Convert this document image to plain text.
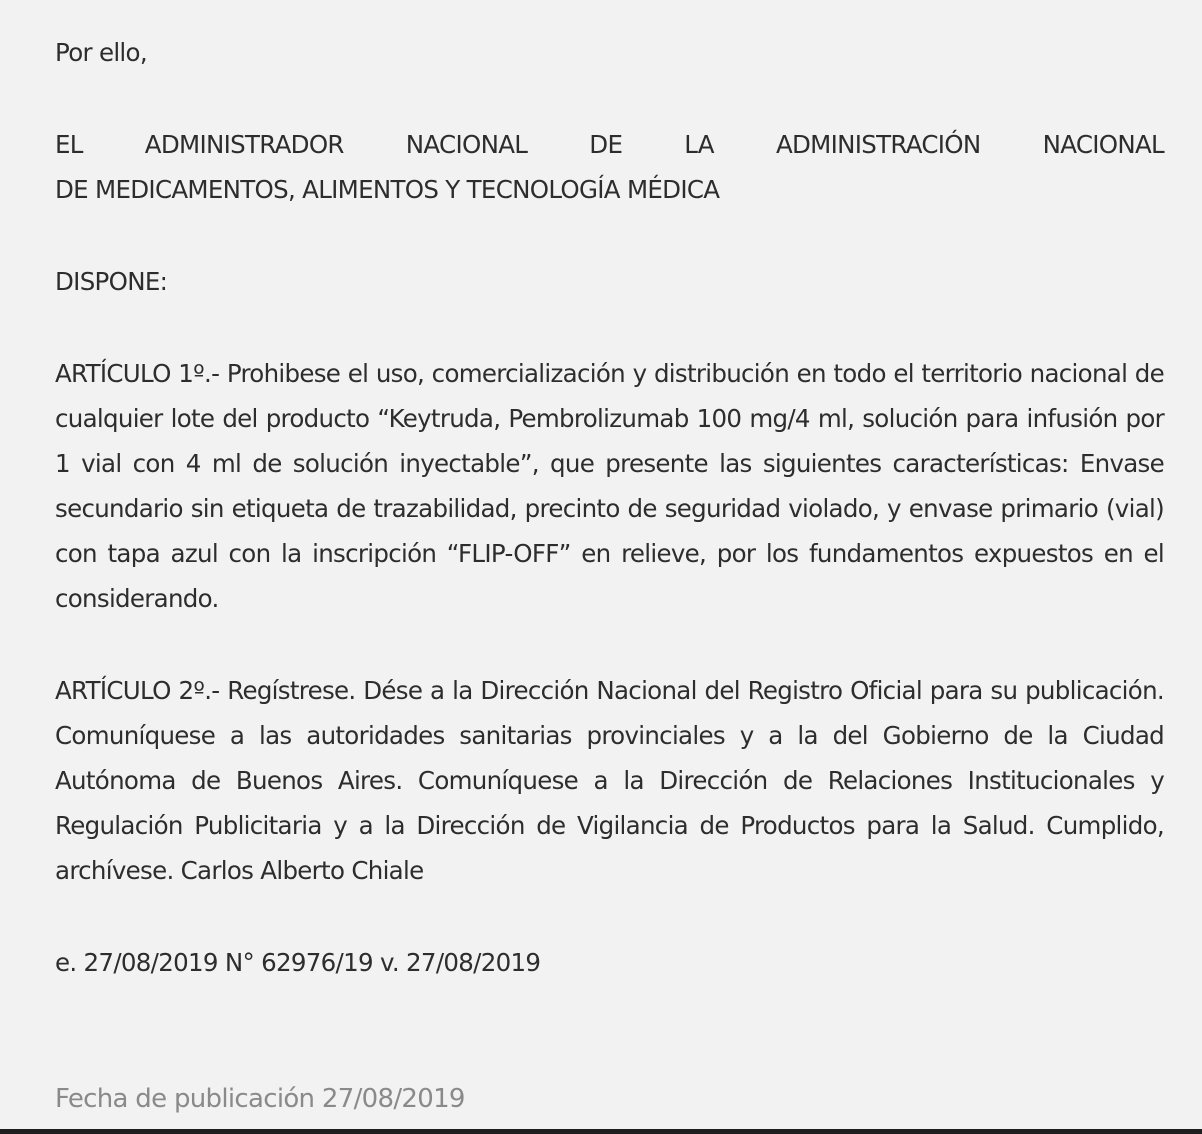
Por ello,

EL ADMINISTRADOR NACIONAL DE LA ADMINISTRACIÓN NACIONAL
DE MEDICAMENTOS, ALIMENTOS Y TECNOLOGÍA MÉDICA

DISPONE:

ARTÍCULO 1º.- Prohibese el uso, comercialización y distribución en todo el territorio nacional de cualquier lote del producto “Keytruda, Pembrolizumab 100 mg/4 ml, solución para infusión por 1 vial con 4 ml de solución inyectable”, que presente las siguientes características: Envase secundario sin etiqueta de trazabilidad, precinto de seguridad violado, y envase primario (vial) con tapa azul con la inscripción “FLIP-OFF” en relieve, por los fundamentos expuestos en el considerando.

ARTÍCULO 2º.- Regístrese. Dése a la Dirección Nacional del Registro Oficial para su publicación. Comuníquese a las autoridades sanitarias provinciales y a la del Gobierno de la Ciudad Autónoma de Buenos Aires. Comuníquese a la Dirección de Relaciones Institucionales y Regulación Publicitaria y a la Dirección de Vigilancia de Productos para la Salud. Cumplido, archívese. Carlos Alberto Chiale

e. 27/08/2019 N° 62976/19 v. 27/08/2019

Fecha de publicación 27/08/2019
